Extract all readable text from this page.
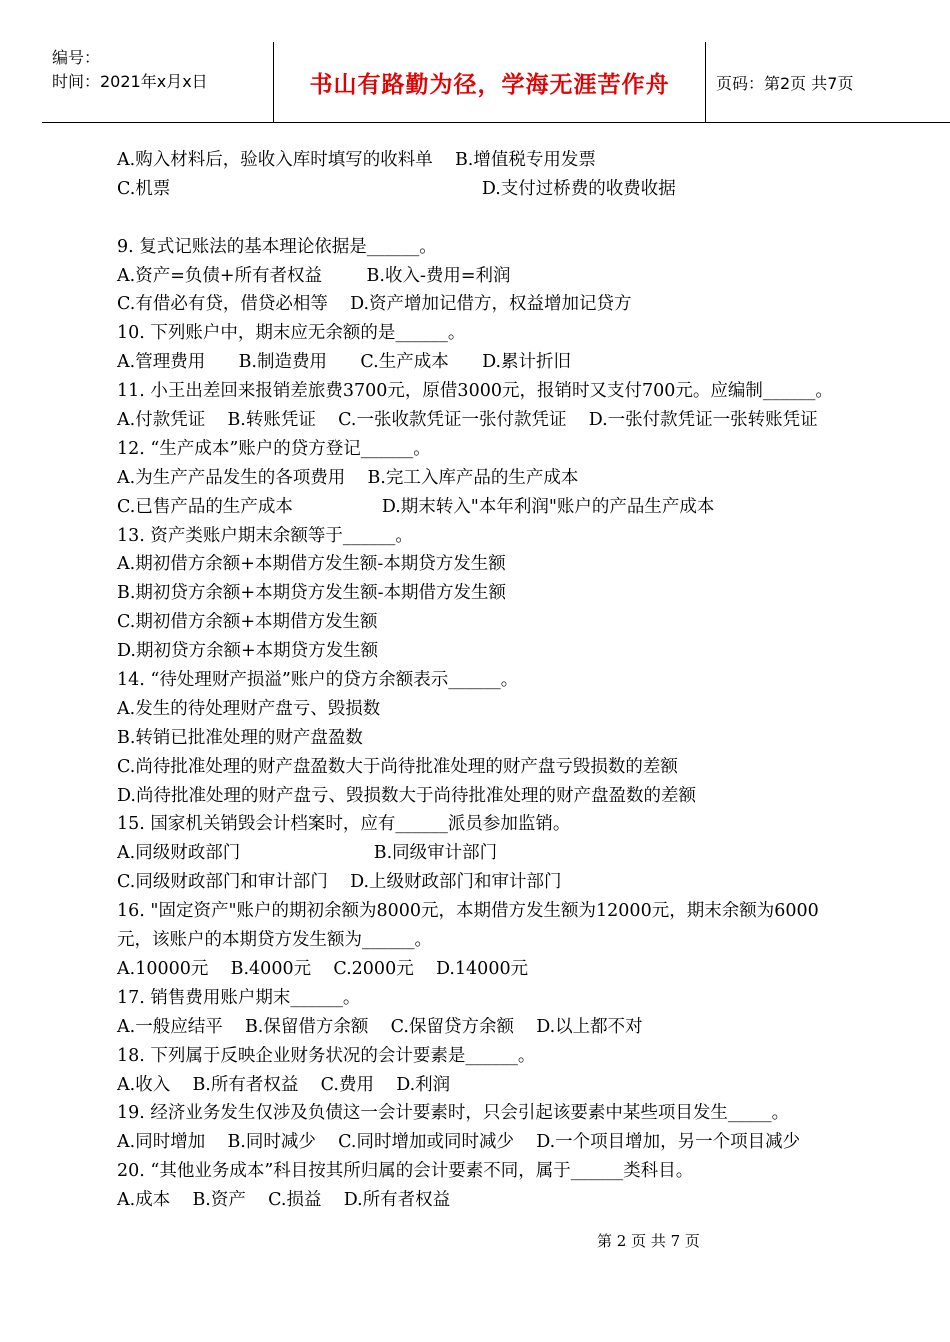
编号：
时间：2021年x月x日	书山有路勤为径，学海无涯苦作舟	页码：第2页 共7页
A.购入材料后，验收入库时填写的收料单    B.增值税专用发票
C.机票                                                        D.支付过桥费的收费收据
9. 复式记账法的基本理论依据是______。
A.资产=负债+所有者权益        B.收入-费用=利润
C.有借必有贷，借贷必相等    D.资产增加记借方，权益增加记贷方
10. 下列账户中，期末应无余额的是______。
A.管理费用      B.制造费用      C.生产成本      D.累计折旧
11. 小王出差回来报销差旅费3700元，原借3000元，报销时又支付700元。应编制______。
A.付款凭证    B.转账凭证    C.一张收款凭证一张付款凭证    D.一张付款凭证一张转账凭证
12. “生产成本”账户的贷方登记______。
A.为生产产品发生的各项费用    B.完工入库产品的生产成本
C.已售产品的生产成本                D.期末转入"本年利润"账户的产品生产成本
13. 资产类账户期末余额等于______。
A.期初借方余额+本期借方发生额-本期贷方发生额
B.期初贷方余额+本期贷方发生额-本期借方发生额
C.期初借方余额+本期借方发生额
D.期初贷方余额+本期贷方发生额
14. “待处理财产损溢”账户的贷方余额表示______。
A.发生的待处理财产盘亏、毁损数
B.转销已批准处理的财产盘盈数
C.尚待批准处理的财产盘盈数大于尚待批准处理的财产盘亏毁损数的差额
D.尚待批准处理的财产盘亏、毁损数大于尚待批准处理的财产盘盈数的差额
15. 国家机关销毁会计档案时，应有______派员参加监销。
A.同级财政部门                        B.同级审计部门
C.同级财政部门和审计部门    D.上级财政部门和审计部门
16. "固定资产"账户的期初余额为8000元，本期借方发生额为12000元，期末余额为6000
元，该账户的本期贷方发生额为______。
A.10000元    B.4000元    C.2000元    D.14000元
17. 销售费用账户期末______。
A.一般应结平    B.保留借方余额    C.保留贷方余额    D.以上都不对
18. 下列属于反映企业财务状况的会计要素是______。
A.收入    B.所有者权益    C.费用    D.利润
19. 经济业务发生仅涉及负债这一会计要素时，只会引起该要素中某些项目发生_____。
A.同时增加    B.同时减少    C.同时增加或同时减少    D.一个项目增加，另一个项目减少
20. “其他业务成本”科目按其所归属的会计要素不同，属于______类科目。
A.成本    B.资产    C.损益    D.所有者权益
第 2 页 共 7 页
